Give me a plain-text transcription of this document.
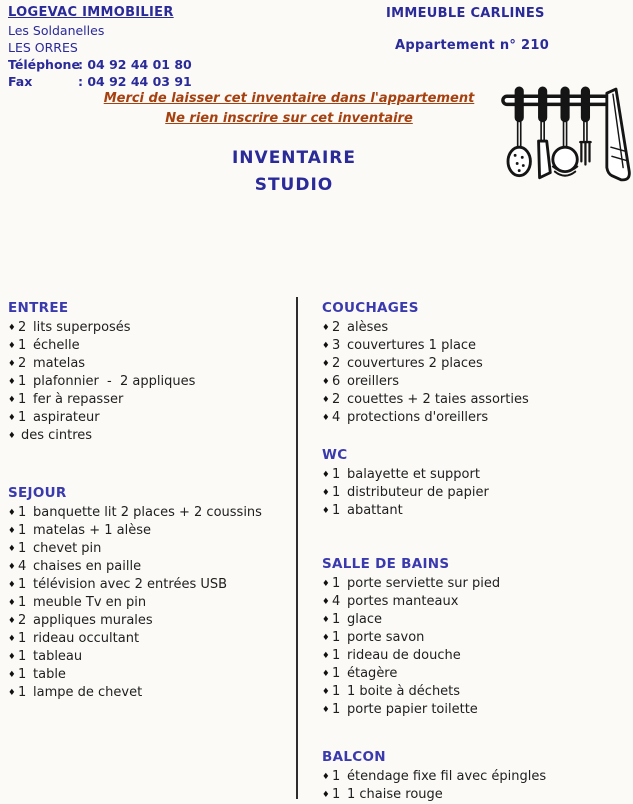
LOGEVAC IMMOBILIER
Les Soldanelles
LES ORRES
Téléphone: 04 92 44 01 80
Fax	: 04 92 44 03 91
IMMEUBLE CARLINES
Appartement n° 210
Merci de laisser cet inventaire dans l'appartement
Ne rien inscrire sur cet inventaire
INVENTAIRE
STUDIO
ENTREE
♦ 2 lits superposés
♦ 1 échelle
♦ 2 matelas
♦ 1 plafonnier  -  2 appliques
♦ 1 fer à repasser
♦ 1 aspirateur
♦ des cintres
SEJOUR
♦ 1 banquette lit 2 places + 2 coussins
♦ 1 matelas + 1 alèse
♦ 1 chevet pin
♦ 4 chaises en paille
♦ 1 télévision avec 2 entrées USB
♦ 1 meuble Tv en pin
♦ 2 appliques murales
♦ 1 rideau occultant
♦ 1 tableau
♦ 1 table
♦ 1 lampe de chevet
COUCHAGES
♦ 2 alèses
♦ 3 couvertures 1 place
♦ 2 couvertures 2 places
♦ 6 oreillers
♦ 2 couettes + 2 taies assorties
♦ 4 protections d'oreillers
WC
♦ 1 balayette et support
♦ 1 distributeur de papier
♦ 1 abattant
SALLE DE BAINS
♦ 1 porte serviette sur pied
♦ 4 portes manteaux
♦ 1 glace
♦ 1 porte savon
♦ 1 rideau de douche
♦ 1 étagère
♦ 1 1 boite à déchets
♦ 1 porte papier toilette
BALCON
♦ 1 étendage fixe fil avec épingles
♦ 1 1 chaise rouge
